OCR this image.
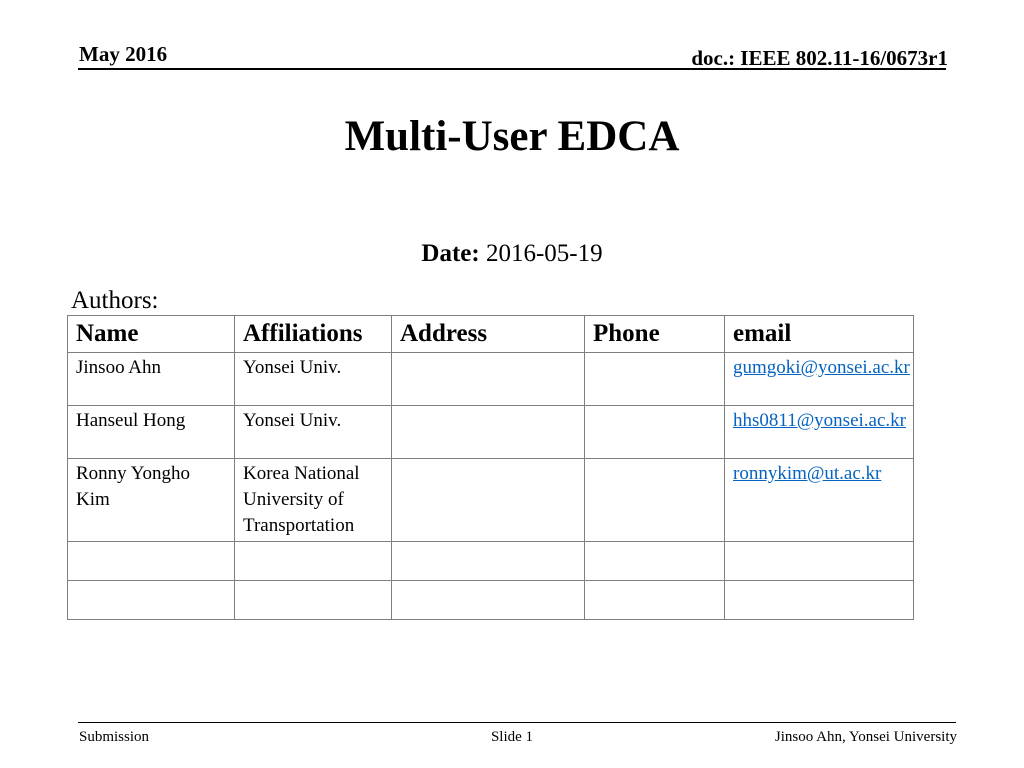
May 2016	doc.: IEEE 802.11-16/0673r1
Multi-User EDCA
Date: 2016-05-19
Authors:
Name	Affiliations	Address	Phone	email
Jinsoo Ahn	Yonsei Univ.			gumgoki@yonsei.ac.kr
Hanseul Hong	Yonsei Univ.			hhs0811@yonsei.ac.kr
Ronny Yongho Kim	Korea National University of Transportation			ronnykim@ut.ac.kr

Submission	Slide 1	Jinsoo Ahn, Yonsei University
